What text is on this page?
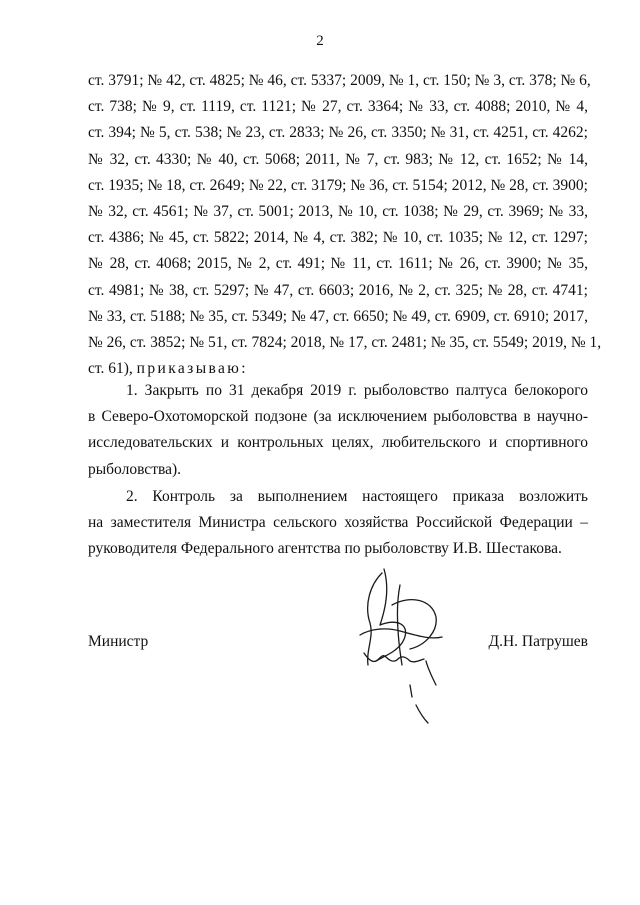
2
ст. 3791; № 42, ст. 4825; № 46, ст. 5337; 2009, № 1, ст. 150; № 3, ст. 378; № 6,
ст. 738; № 9, ст. 1119, ст. 1121; № 27, ст. 3364; № 33, ст. 4088; 2010, № 4,
ст. 394; № 5, ст. 538; № 23, ст. 2833; № 26, ст. 3350; № 31, ст. 4251, ст. 4262;
№ 32, ст. 4330; № 40, ст. 5068; 2011, № 7, ст. 983; № 12, ст. 1652; № 14,
ст. 1935; № 18, ст. 2649; № 22, ст. 3179; № 36, ст. 5154; 2012, № 28, ст. 3900;
№ 32, ст. 4561; № 37, ст. 5001; 2013, № 10, ст. 1038; № 29, ст. 3969; № 33,
ст. 4386; № 45, ст. 5822; 2014, № 4, ст. 382; № 10, ст. 1035; № 12, ст. 1297;
№ 28, ст. 4068; 2015, № 2, ст. 491; № 11, ст. 1611; № 26, ст. 3900; № 35,
ст. 4981; № 38, ст. 5297; № 47, ст. 6603; 2016, № 2, ст. 325; № 28, ст. 4741;
№ 33, ст. 5188; № 35, ст. 5349; № 47, ст. 6650; № 49, ст. 6909, ст. 6910; 2017,
№ 26, ст. 3852; № 51, ст. 7824; 2018, № 17, ст. 2481; № 35, ст. 5549; 2019, № 1,
ст. 61), приказываю:
1. Закрыть по 31 декабря 2019 г. рыболовство палтуса белокорого
в Северо-Охотоморской подзоне (за исключением рыболовства в научно-
исследовательских и контрольных целях, любительского и спортивного
рыболовства).
2. Контроль за выполнением настоящего приказа возложить
на заместителя Министра сельского хозяйства Российской Федерации –
руководителя Федерального агентства по рыболовству И.В. Шестакова.
Министр	Д.Н. Патрушев
